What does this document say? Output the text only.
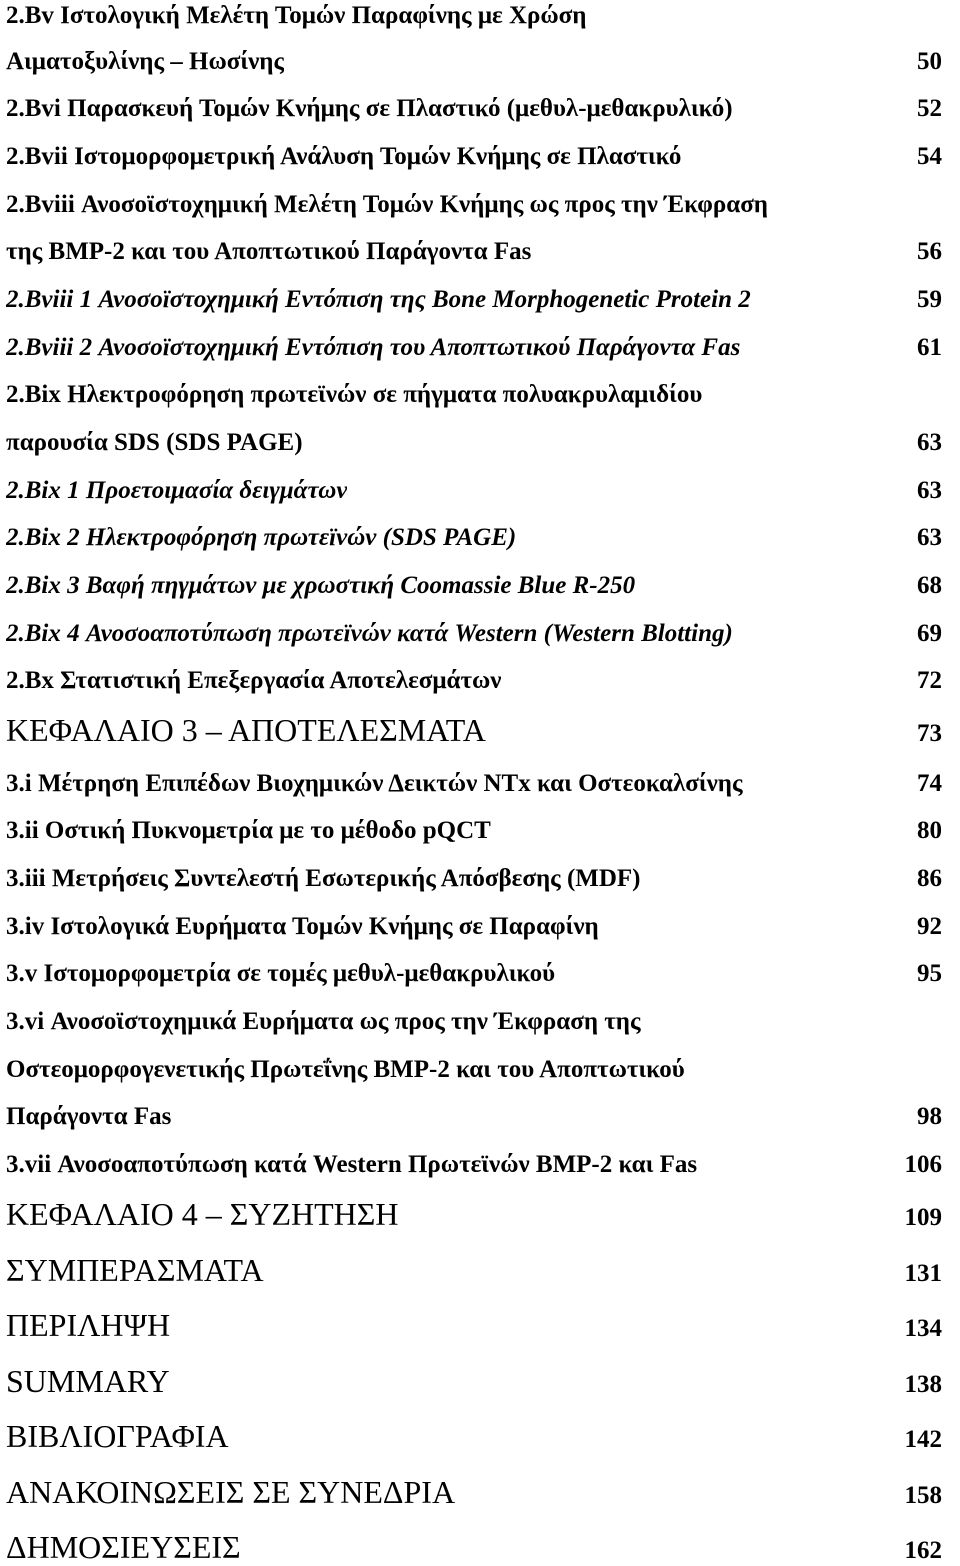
2.Bv Ιστολογική Μελέτη Τομών Παραφίνης με Χρώση
Αιματοξυλίνης – Ηωσίνης	50
2.Bvi Παρασκευή Τομών Κνήμης σε Πλαστικό (μεθυλ-μεθακρυλικό)	52
2.Bvii Ιστομορφομετρική Ανάλυση Τομών Κνήμης σε Πλαστικό	54
2.Bviii Ανοσοϊστοχημική Μελέτη Τομών Κνήμης ως προς την Έκφραση
της BMP-2 και του Αποπτωτικού Παράγοντα Fas	56
2.Bviii 1 Ανοσοϊστοχημική Εντόπιση της Bone Morphogenetic Protein 2	59
2.Bviii 2 Ανοσοϊστοχημική Εντόπιση του Αποπτωτικού Παράγοντα Fas	61
2.Bix Ηλεκτροφόρηση πρωτεϊνών σε πήγματα πολυακρυλαμιδίου
παρουσία SDS (SDS PAGE)	63
2.Bix 1 Προετοιμασία δειγμάτων	63
2.Bix 2 Ηλεκτροφόρηση πρωτεϊνών (SDS PAGE)	63
2.Bix 3 Βαφή πηγμάτων με χρωστική Coomassie Blue R-250	68
2.Bix 4 Ανοσοαποτύπωση πρωτεϊνών κατά Western (Western Blotting)	69
2.Bx Στατιστική Επεξεργασία Αποτελεσμάτων	72
ΚΕΦΑΛΑΙΟ 3 – ΑΠΟΤΕΛΕΣΜΑΤΑ	73
3.i Μέτρηση Επιπέδων Βιοχημικών Δεικτών NTx και Οστεοκαλσίνης	74
3.ii Οστική Πυκνομετρία με το μέθοδο pQCT	80
3.iii Μετρήσεις Συντελεστή Εσωτερικής Απόσβεσης (MDF)	86
3.iv Ιστολογικά Ευρήματα Τομών Κνήμης σε Παραφίνη	92
3.v Ιστομορφομετρία σε τομές μεθυλ-μεθακρυλικού	95
3.vi Ανοσοϊστοχημικά Ευρήματα ως προς την Έκφραση της
Οστεομορφογενετικής Πρωτεΐνης BMP-2 και του Αποπτωτικού
Παράγοντα Fas	98
3.vii Ανοσοαποτύπωση κατά Western Πρωτεϊνών BMP-2 και Fas	106
ΚΕΦΑΛΑΙΟ 4 – ΣΥΖΗΤΗΣΗ	109
ΣΥΜΠΕΡΑΣΜΑΤΑ	131
ΠΕΡΙΛΗΨΗ	134
SUMMARY	138
ΒΙΒΛΙΟΓΡΑΦΙΑ	142
ΑΝΑΚΟΙΝΩΣΕΙΣ ΣΕ ΣΥΝΕΔΡΙΑ	158
ΔΗΜΟΣΙΕΥΣΕΙΣ	162
